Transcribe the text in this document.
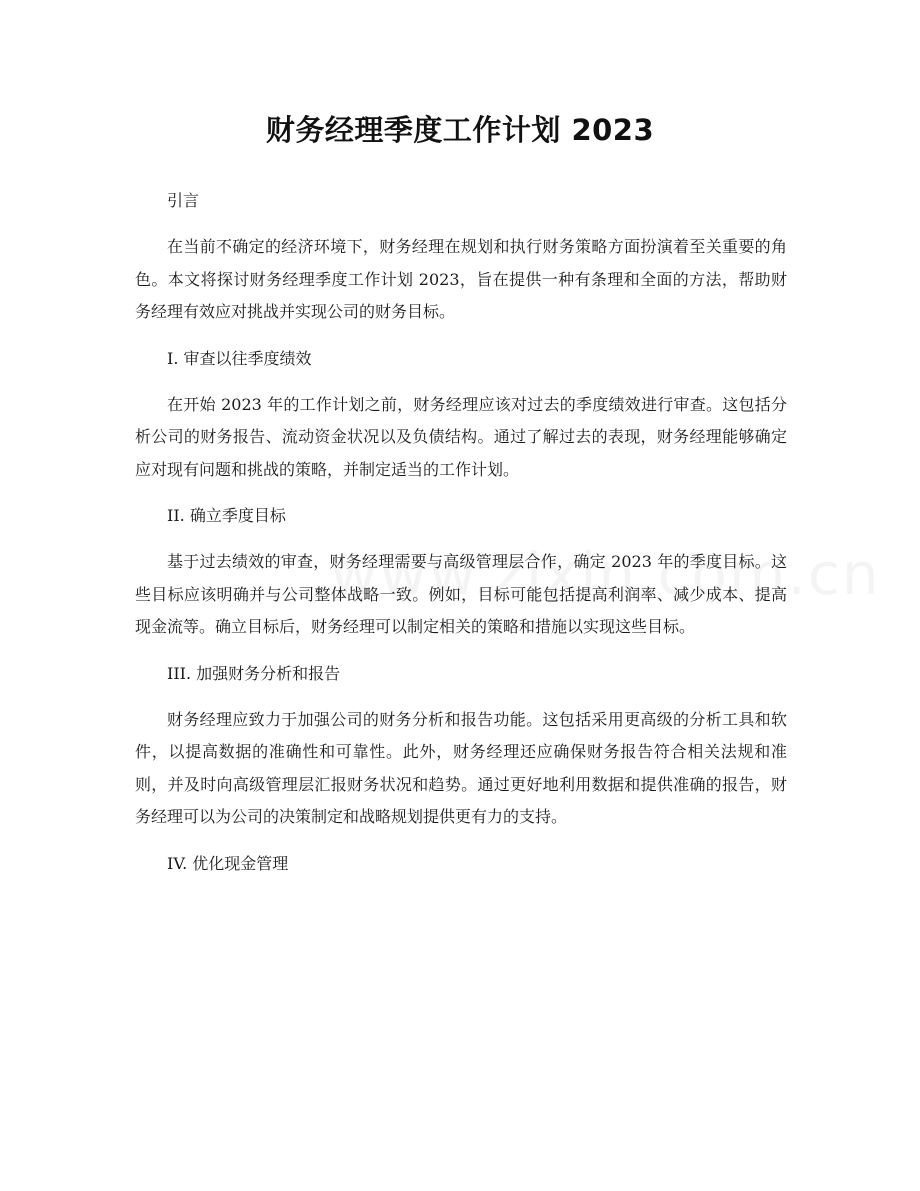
财务经理季度工作计划 2023

引言

在当前不确定的经济环境下，财务经理在规划和执行财务策略方面扮演着至关重要的角色。本文将探讨财务经理季度工作计划 2023，旨在提供一种有条理和全面的方法，帮助财务经理有效应对挑战并实现公司的财务目标。

I. 审查以往季度绩效

在开始 2023 年的工作计划之前，财务经理应该对过去的季度绩效进行审查。这包括分析公司的财务报告、流动资金状况以及负债结构。通过了解过去的表现，财务经理能够确定应对现有问题和挑战的策略，并制定适当的工作计划。

II. 确立季度目标

基于过去绩效的审查，财务经理需要与高级管理层合作，确定 2023 年的季度目标。这些目标应该明确并与公司整体战略一致。例如，目标可能包括提高利润率、减少成本、提高现金流等。确立目标后，财务经理可以制定相关的策略和措施以实现这些目标。

III. 加强财务分析和报告

财务经理应致力于加强公司的财务分析和报告功能。这包括采用更高级的分析工具和软件，以提高数据的准确性和可靠性。此外，财务经理还应确保财务报告符合相关法规和准则，并及时向高级管理层汇报财务状况和趋势。通过更好地利用数据和提供准确的报告，财务经理可以为公司的决策制定和战略规划提供更有力的支持。

IV. 优化现金管理
